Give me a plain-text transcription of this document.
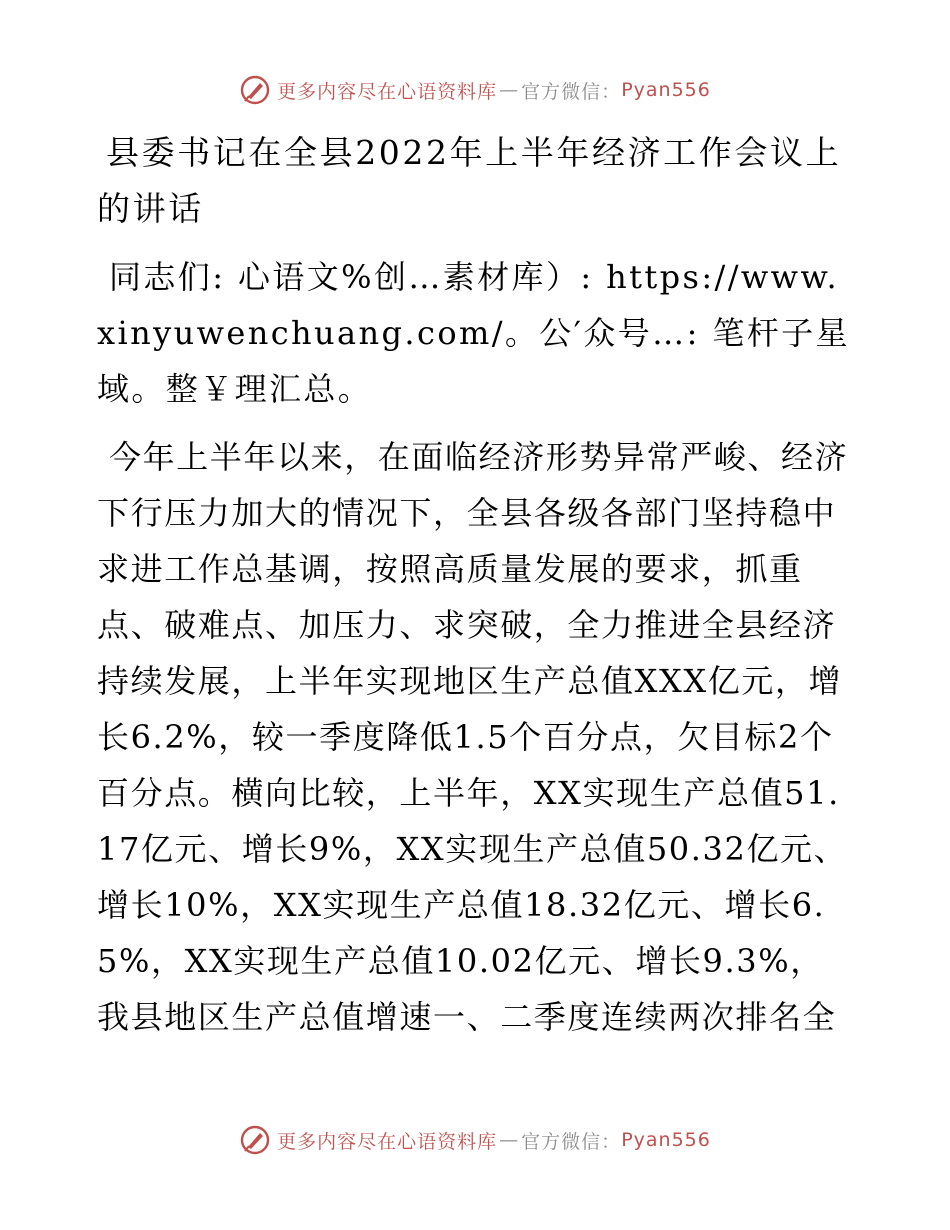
更多内容尽在心语资料库 — 官方微信： Pyan556
县委书记在全县2022年上半年经济工作会议上的讲话

同志们: 心语文%创…素材库）: https://www.xinyuwenchuang.com/。公′众号…: 笔杆子星域。整￥理汇总。

今年上半年以来，在面临经济形势异常严峻、经济下行压力加大的情况下，全县各级各部门坚持稳中求进工作总基调，按照高质量发展的要求，抓重点、破难点、加压力、求突破，全力推进全县经济持续发展，上半年实现地区生产总值XXX亿元，增长6.2%，较一季度降低1.5个百分点，欠目标2个百分点。横向比较，上半年，XX实现生产总值51.17亿元、增长9%，XX实现生产总值50.32亿元、增长10%，XX实现生产总值18.32亿元、增长6.5%，XX实现生产总值10.02亿元、增长9.3%，我县地区生产总值增速一、二季度连续两次排名全

更多内容尽在心语资料库 — 官方微信： Pyan556
